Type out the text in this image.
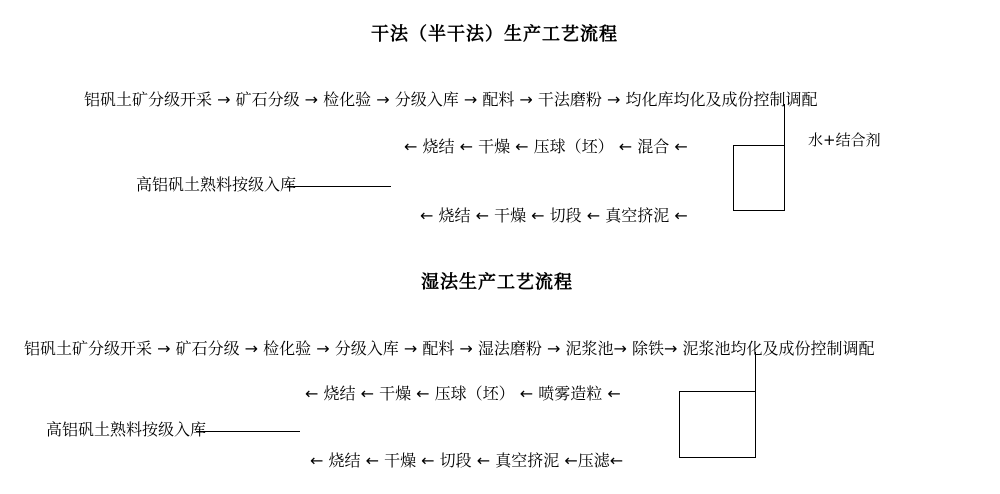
干法（半干法）生产工艺流程
铝矾土矿分级开采 → 矿石分级 → 检化验 → 分级入库 → 配料 → 干法磨粉 → 均化库均化及成份控制调配
← 烧结 ← 干燥 ← 压球（坯） ← 混合 ←
← 烧结 ← 干燥 ← 切段 ← 真空挤泥 ←
水+结合剂
高铝矾土熟料按级入库
湿法生产工艺流程
铝矾土矿分级开采 → 矿石分级 → 检化验 → 分级入库 → 配料 → 湿法磨粉 → 泥浆池→ 除铁→ 泥浆池均化及成份控制调配
← 烧结 ← 干燥 ← 压球（坯） ← 喷雾造粒 ←
← 烧结 ← 干燥 ← 切段 ← 真空挤泥 ←压滤←
高铝矾土熟料按级入库
